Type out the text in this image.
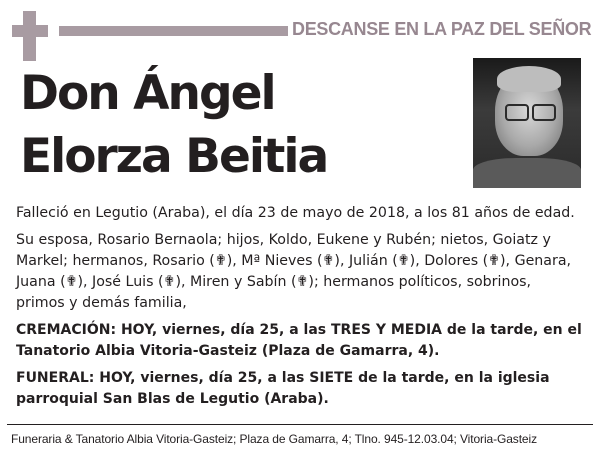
DESCANSE EN LA PAZ DEL SEÑOR
Don Ángel
Elorza Beitia

Falleció en Legutio (Araba), el día 23 de mayo de 2018, a los 81 años de edad.

Su esposa, Rosario Bernaola; hijos, Koldo, Eukene y Rubén; nietos, Goiatz y Markel; hermanos, Rosario (✟), Mª Nieves (✟), Julián (✟), Dolores (✟), Genara, Juana (✟), José Luis (✟), Miren y Sabín (✟); hermanos políticos, sobrinos, primos y demás familia,

CREMACIÓN: HOY, viernes, día 25, a las TRES Y MEDIA de la tarde, en el Tanatorio Albia Vitoria-Gasteiz (Plaza de Gamarra, 4).

FUNERAL: HOY, viernes, día 25, a las SIETE de la tarde, en la iglesia parroquial San Blas de Legutio (Araba).

Funeraria & Tanatorio Albia Vitoria-Gasteiz; Plaza de Gamarra, 4; Tlno. 945-12.03.04; Vitoria-Gasteiz
